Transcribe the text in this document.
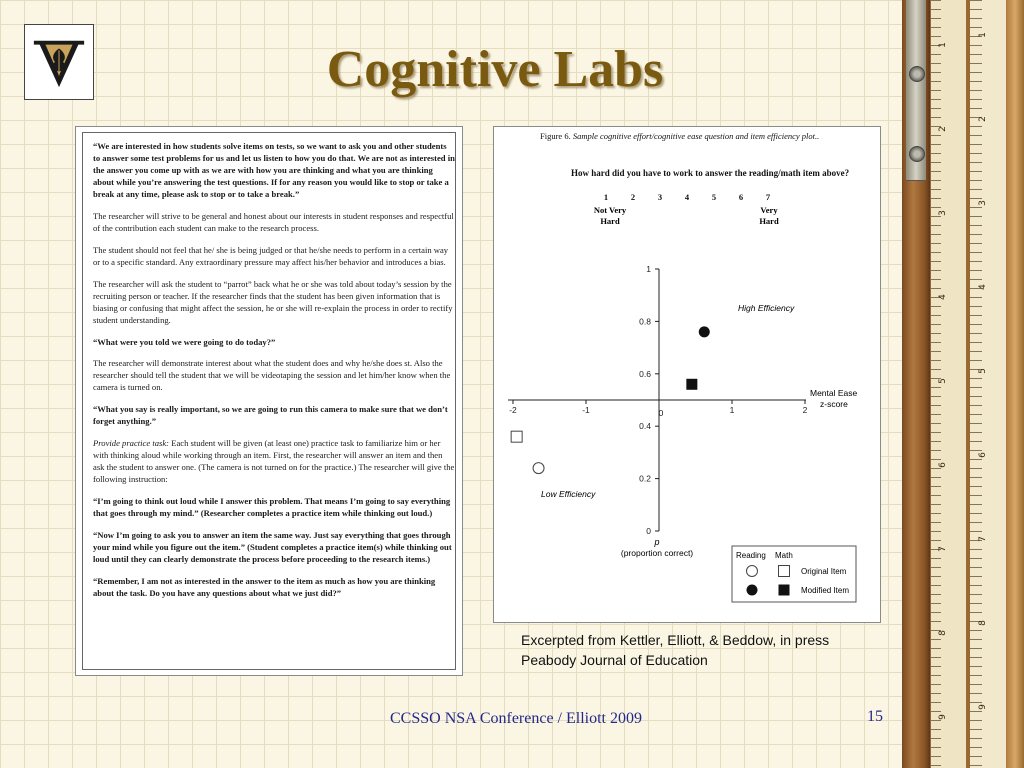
Cognitive Labs	1
1
2
2
3
3
4
4
5
5
6
6
7
7
8
8
9
9

“We are interested in how students solve items on tests, so we want to ask you and other students to answer some test problems for us and let us listen to how you do that. We are not as interested in the answer you come up with as we are with how you are thinking and what you are thinking about while you’re answering the test questions. If for any reason you would like to stop or take a break at any time, please ask to stop or to take a break.”

The researcher will strive to be general and honest about our interests in student responses and respectful of the contribution each student can make to the research process.

The student should not feel that he/ she is being judged or that he/she needs to perform in a certain way or to a specific standard. Any extraordinary pressure may affect his/her behavior and introduces a bias.

The researcher will ask the student to “parrot” back what he or she was told about today’s session by the recruiting person or teacher. If the researcher finds that the student has been given information that is biasing or confusing that might affect the session, he or she will re-explain the process in order to rectify student understanding.

“What were you told we were going to do today?”

The researcher will demonstrate interest about what the student does and why he/she does st. Also the researcher should tell the student that we will be videotaping the session and let him/her know when the camera is turned on.

“What you say is really important, so we are going to run this camera to make sure that we don’t forget anything.”

Provide practice task: Each student will be given (at least one) practice task to familiarize him or her with thinking aloud while working through an item. First, the researcher will answer an item and then ask the student to answer one. (The camera is not turned on for the practice.) The researcher will give the following instruction:

“I’m going to think out loud while I answer this problem. That means I’m going to say everything that goes through my mind.” (Researcher completes a practice item while thinking out loud.)

“Now I’m going to ask you to answer an item the same way. Just say everything that goes through your mind while you figure out the item.” (Student completes a practice item(s) while thinking out loud until they can clearly demonstrate the process before proceeding to the research items.)

“Remember, I am not as interested in the answer to the item as much as how you are thinking about the task. Do you have any questions about what we just did?”

Figure 6. Sample cognitive effort/cognitive ease question and item efficiency plot..
How hard did you have to work to answer the reading/math item above?
1	2	3	4	5	6	7
Not Very
Hard
Very
Hard
-2	-1	0	1	2
1
0.8
0.6
0.4
0.2
0
Mental Ease
z-score
p
(proportion correct)
High Efficiency
Low Efficiency
Reading Math
Original Item
Modified Item
Excerpted from Kettler, Elliott, & Beddow, in press Peabody Journal of Education
CCSSO NSA Conference / Elliott 2009	15
